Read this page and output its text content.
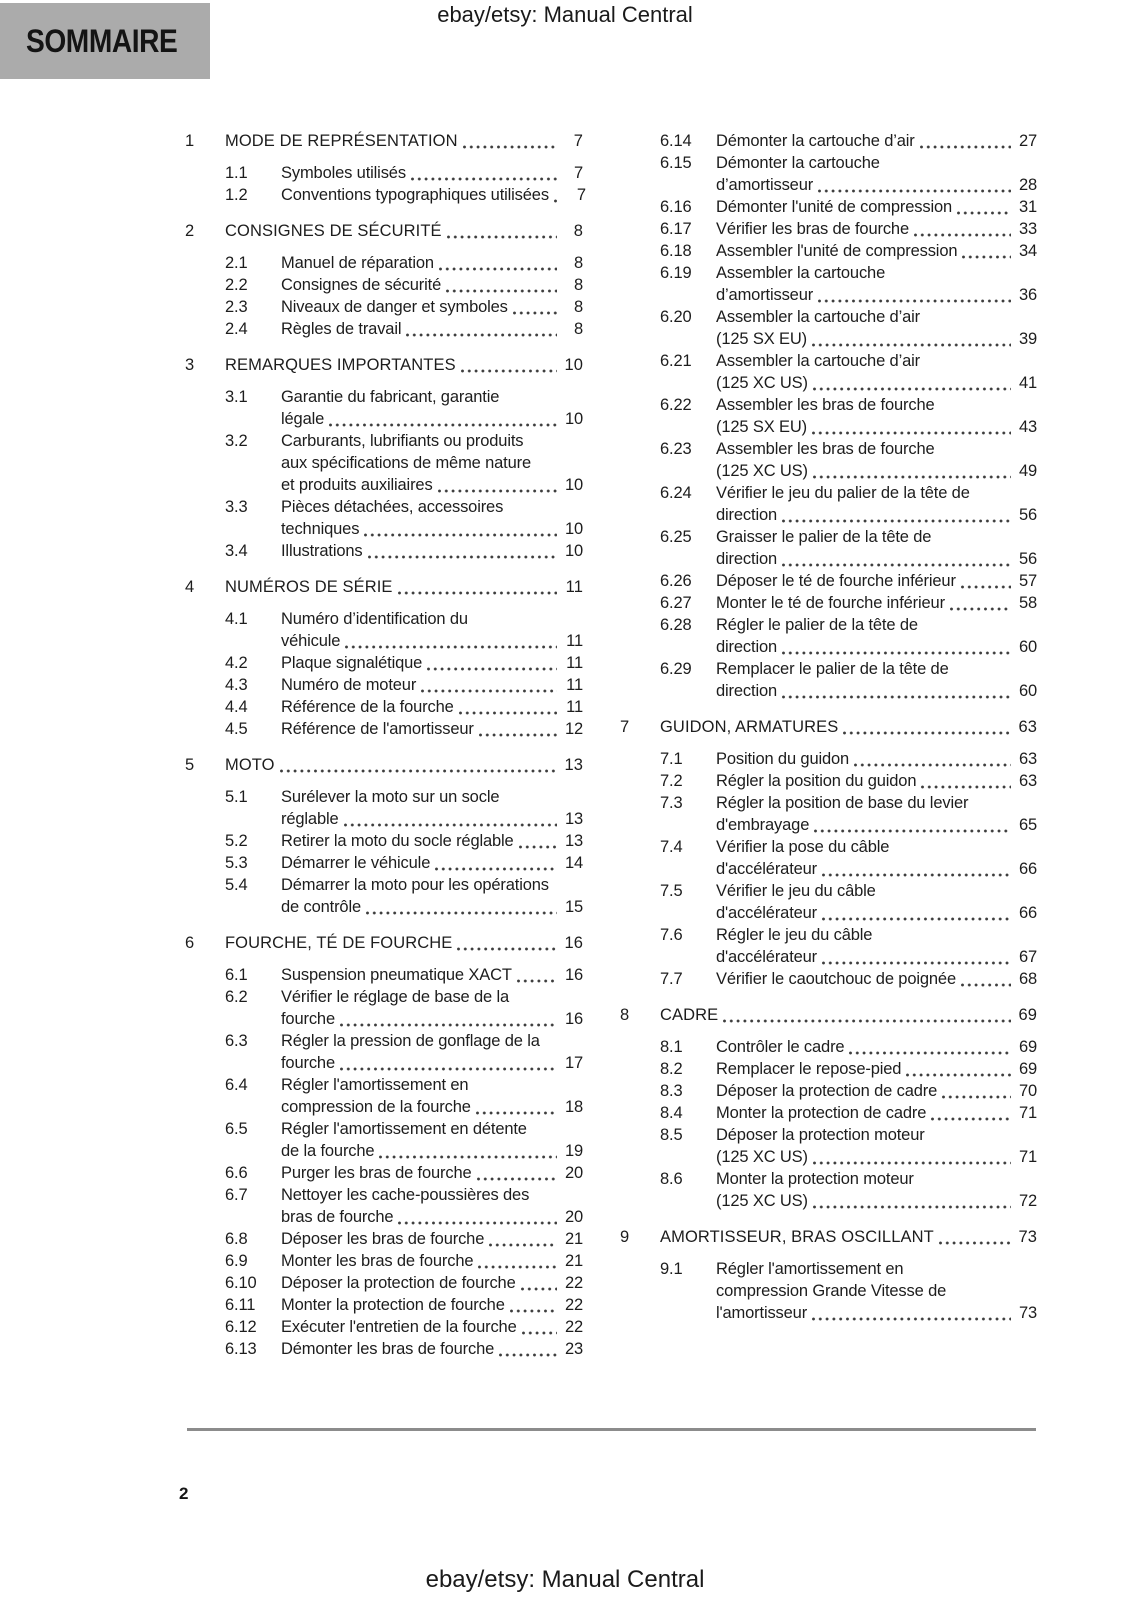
SOMMAIRE
ebay/etsy: Manual Central
1	MODE DE REPRÉSENTATION	7
1.1	Symboles utilisés	7
1.2	Conventions typographiques utilisées	7
2	CONSIGNES DE SÉCURITÉ	8
2.1	Manuel de réparation	8
2.2	Consignes de sécurité	8
2.3	Niveaux de danger et symboles	8
2.4	Règles de travail	8
3	REMARQUES IMPORTANTES	10
3.1	Garantie du fabricant, garantie
légale	10
3.2	Carburants, lubrifiants ou produits
aux spécifications de même nature
et produits auxiliaires	10
3.3	Pièces détachées, accessoires
techniques	10
3.4	Illustrations	10
4	NUMÉROS DE SÉRIE	11
4.1	Numéro d’identification du
véhicule	11
4.2	Plaque signalétique	11
4.3	Numéro de moteur	11
4.4	Référence de la fourche	11
4.5	Référence de l'amortisseur	12
5	MOTO	13
5.1	Surélever la moto sur un socle
réglable	13
5.2	Retirer la moto du socle réglable	13
5.3	Démarrer le véhicule	14
5.4	Démarrer la moto pour les opérations
de contrôle	15
6	FOURCHE, TÉ DE FOURCHE	16
6.1	Suspension pneumatique XACT	16
6.2	Vérifier le réglage de base de la
fourche	16
6.3	Régler la pression de gonflage de la
fourche	17
6.4	Régler l'amortissement en
compression de la fourche	18
6.5	Régler l'amortissement en détente
de la fourche	19
6.6	Purger les bras de fourche	20
6.7	Nettoyer les cache-poussières des
bras de fourche	20
6.8	Déposer les bras de fourche	21
6.9	Monter les bras de fourche	21
6.10	Déposer la protection de fourche	22
6.11	Monter la protection de fourche	22
6.12	Exécuter l'entretien de la fourche	22
6.13	Démonter les bras de fourche	23
6.14	Démonter la cartouche d’air	27
6.15	Démonter la cartouche
d’amortisseur	28
6.16	Démonter l'unité de compression	31
6.17	Vérifier les bras de fourche	33
6.18	Assembler l'unité de compression	34
6.19	Assembler la cartouche
d’amortisseur	36
6.20	Assembler la cartouche d’air
(125 SX EU)	39
6.21	Assembler la cartouche d’air
(125 XC US)	41
6.22	Assembler les bras de fourche
(125 SX EU)	43
6.23	Assembler les bras de fourche
(125 XC US)	49
6.24	Vérifier le jeu du palier de la tête de
direction	56
6.25	Graisser le palier de la tête de
direction	56
6.26	Déposer le té de fourche inférieur	57
6.27	Monter le té de fourche inférieur	58
6.28	Régler le palier de la tête de
direction	60
6.29	Remplacer le palier de la tête de
direction	60
7	GUIDON, ARMATURES	63
7.1	Position du guidon	63
7.2	Régler la position du guidon	63
7.3	Régler la position de base du levier
d'embrayage	65
7.4	Vérifier la pose du câble
d'accélérateur	66
7.5	Vérifier le jeu du câble
d'accélérateur	66
7.6	Régler le jeu du câble
d'accélérateur	67
7.7	Vérifier le caoutchouc de poignée	68
8	CADRE	69
8.1	Contrôler le cadre	69
8.2	Remplacer le repose-pied	69
8.3	Déposer la protection de cadre	70
8.4	Monter la protection de cadre	71
8.5	Déposer la protection moteur
(125 XC US)	71
8.6	Monter la protection moteur
(125 XC US)	72
9	AMORTISSEUR, BRAS OSCILLANT	73
9.1	Régler l'amortissement en
compression Grande Vitesse de
l'amortisseur	73
2
ebay/etsy: Manual Central
